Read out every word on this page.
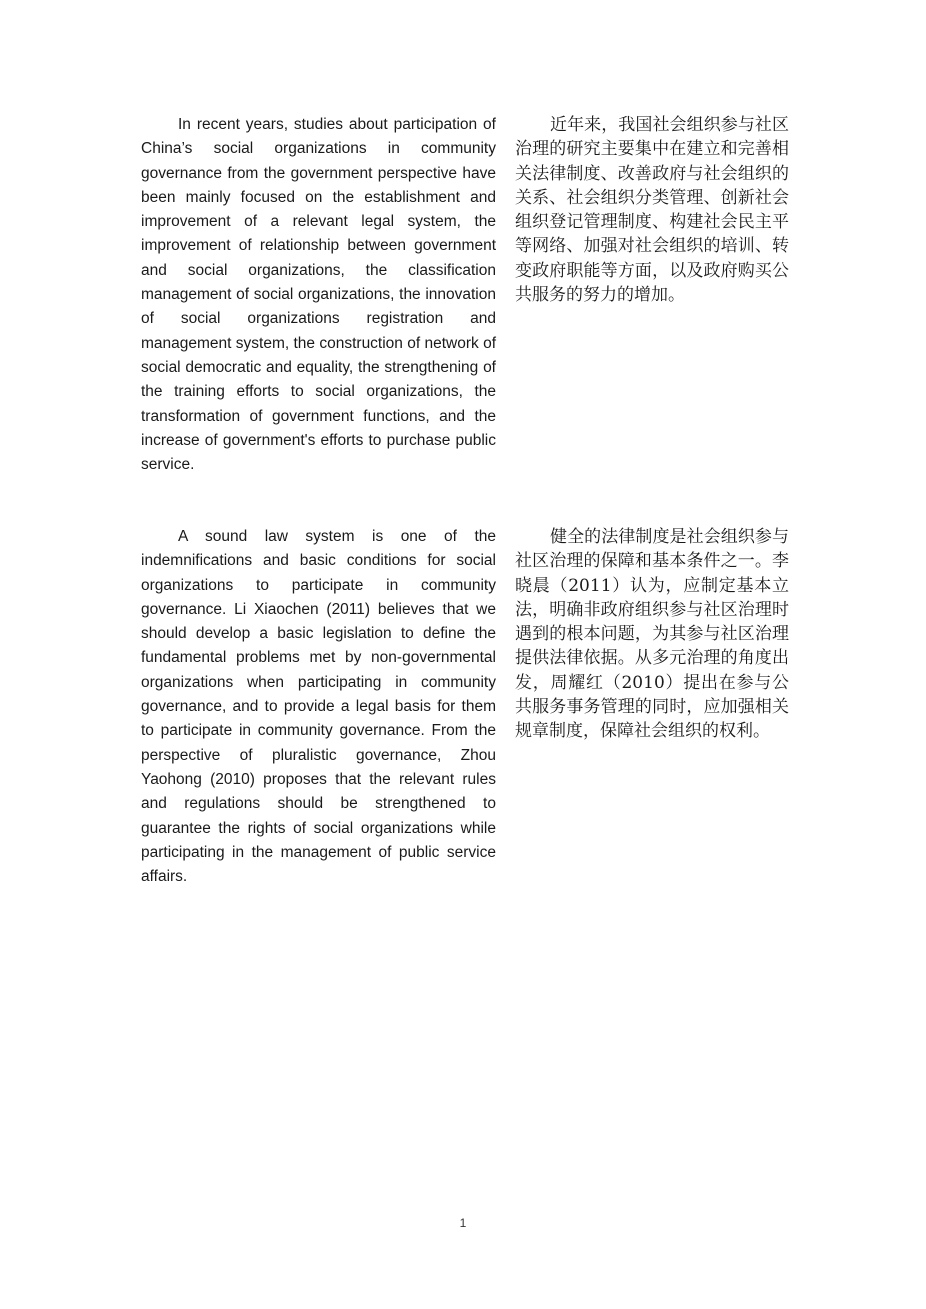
In recent years, studies about participation of China’s social organizations in community governance from the government perspective have been mainly focused on the establishment and improvement of a relevant legal system, the improvement of relationship between government and social organizations, the classification management of social organizations, the innovation of social organizations registration and management system, the construction of network of social democratic and equality, the strengthening of the training efforts to social organizations, the transformation of government functions, and the increase of government's efforts to purchase public service.

近年来，我国社会组织参与社区治理的研究主要集中在建立和完善相关法律制度、改善政府与社会组织的关系、社会组织分类管理、创新社会组织登记管理制度、构建社会民主平等网络、加强对社会组织的培训、转变政府职能等方面，以及政府购买公共服务的努力的增加。

A sound law system is one of the indemnifications and basic conditions for social organizations to participate in community governance. Li Xiaochen (2011) believes that we should develop a basic legislation to define the fundamental problems met by non-governmental organizations when participating in community governance, and to provide a legal basis for them to participate in community governance. From the perspective of pluralistic governance, Zhou Yaohong (2010) proposes that the relevant rules and regulations should be strengthened to guarantee the rights of social organizations while participating in the management of public service affairs.

健全的法律制度是社会组织参与社区治理的保障和基本条件之一。李晓晨（2011）认为，应制定基本立法，明确非政府组织参与社区治理时遇到的根本问题，为其参与社区治理提供法律依据。从多元治理的角度出发，周耀红（2010）提出在参与公共服务事务管理的同时，应加强相关规章制度，保障社会组织的权利。

1
